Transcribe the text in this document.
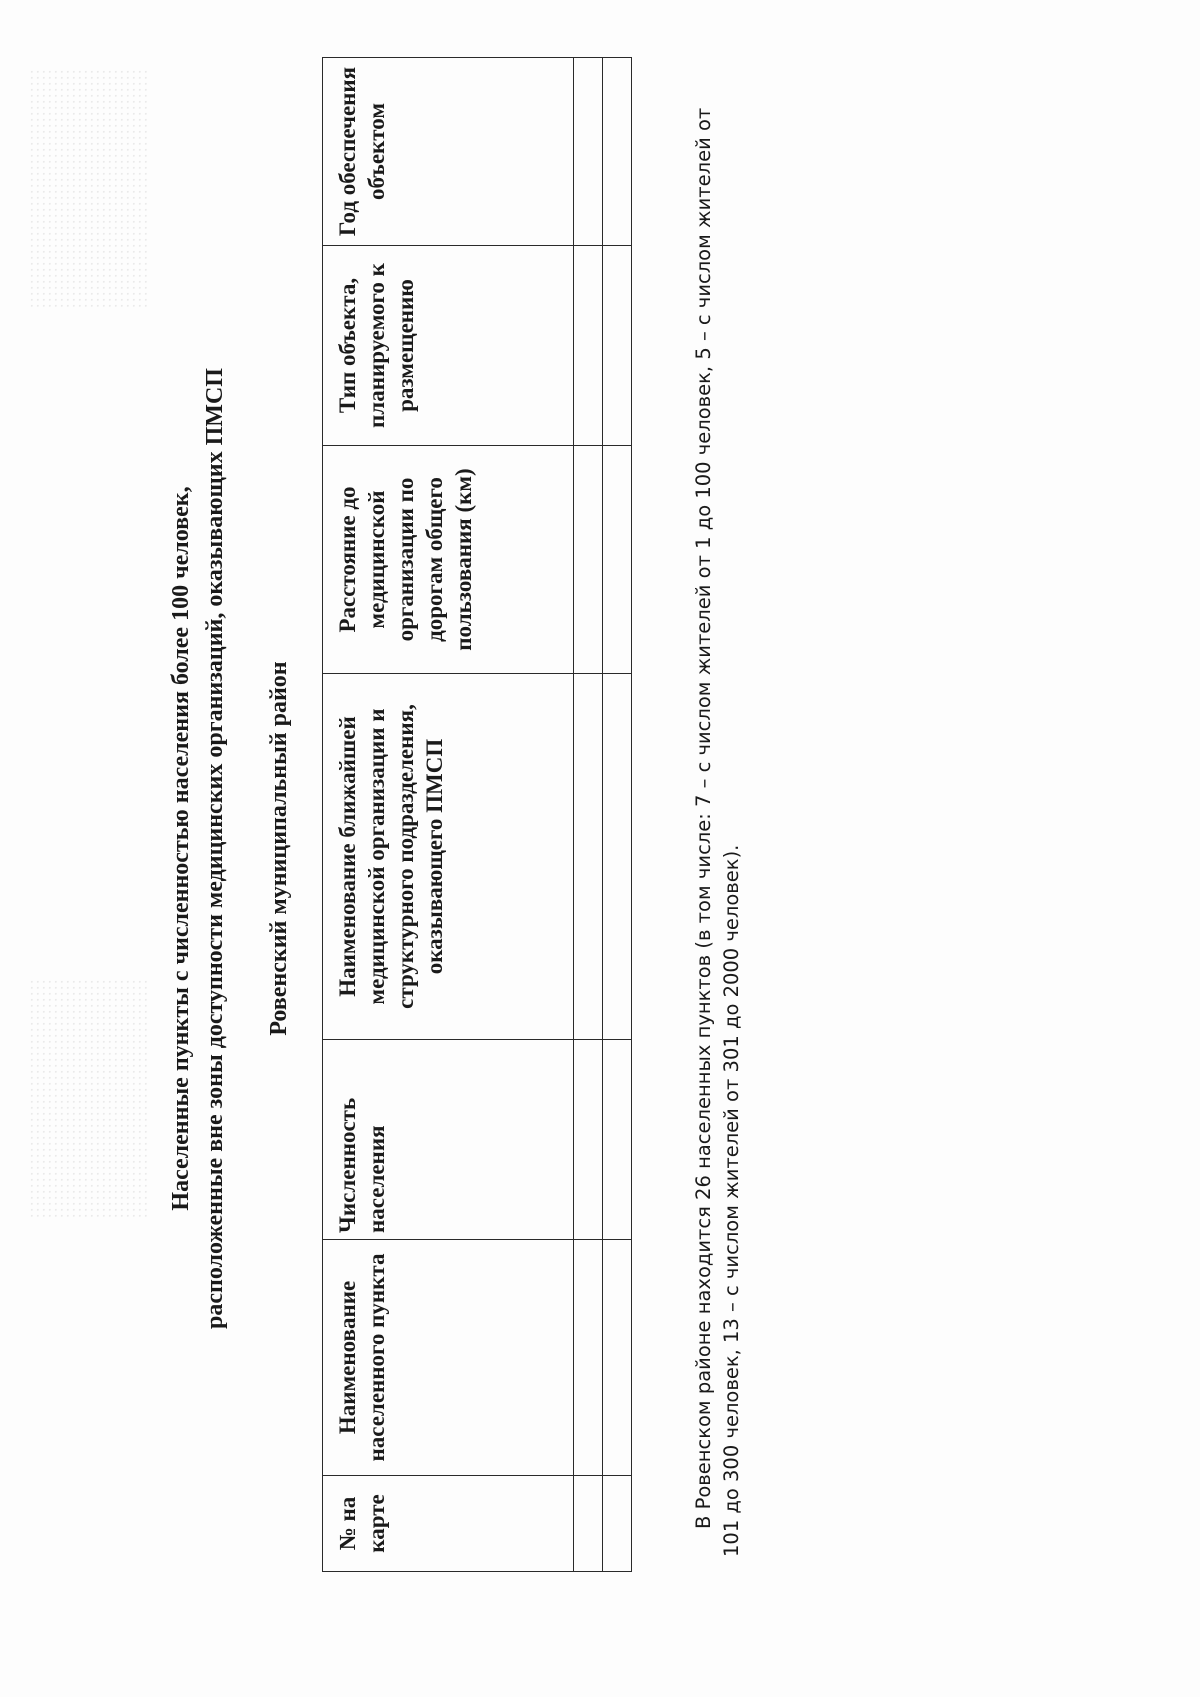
Населенные пункты с численностью населения более 100 человек, расположенные вне зоны доступности медицинских организаций, оказывающих ПМСП Ровенский муниципальный район
№ на карте	Наименование населенного пункта	Численность населения	Наименование ближайшей медицинской организации и структурного подразделения, оказывающего ПМСП	Расстояние до медицинской организации по дорогам общего пользования (км)	Тип объекта, планируемого к размещению	Год обеспечения объектом

							В Ровенском районе находится 26 населенных пунктов (в том числе: 7 – с числом жителей от 1 до 100 человек, 5 – с числом жителей от 101 до 300 человек, 13 – с числом жителей от 301 до 2000 человек).
